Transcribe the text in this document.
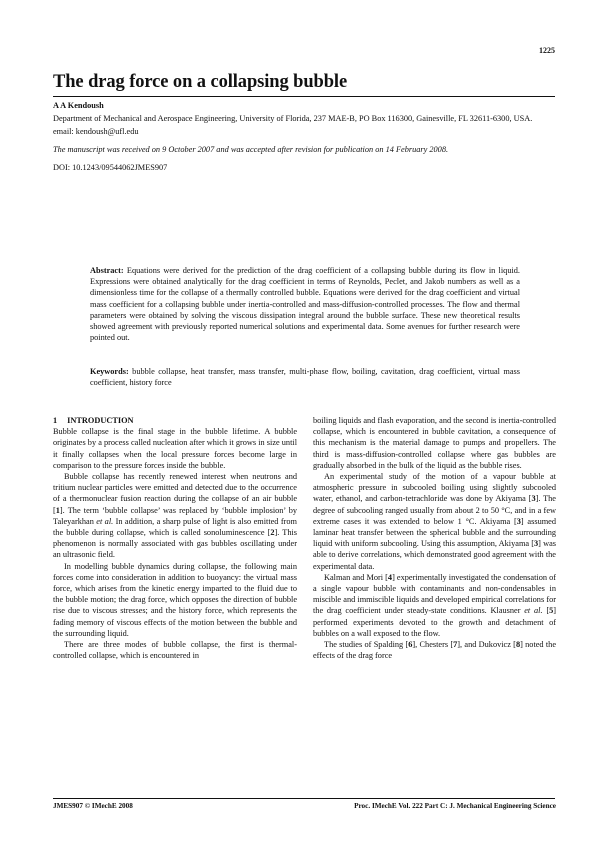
1225
The drag force on a collapsing bubble
A A Kendoush
Department of Mechanical and Aerospace Engineering, University of Florida, 237 MAE-B, PO Box 116300, Gainesville, FL 32611-6300, USA. email: kendoush@ufl.edu
The manuscript was received on 9 October 2007 and was accepted after revision for publication on 14 February 2008.
DOI: 10.1243/09544062JMES907
Abstract: Equations were derived for the prediction of the drag coefficient of a collapsing bubble during its flow in liquid. Expressions were obtained analytically for the drag coefficient in terms of Reynolds, Peclet, and Jakob numbers as well as a dimensionless time for the collapse of a thermally controlled bubble. Equations were derived for the drag coefficient and virtual mass coefficient for a collapsing bubble under inertia-controlled and mass-diffusion-controlled processes. The flow and thermal parameters were obtained by solving the viscous dissipation integral around the bubble surface. These new theoretical results showed agreement with previously reported numerical solutions and experimental data. Some avenues for further research were pointed out.
Keywords: bubble collapse, heat transfer, mass transfer, multi-phase flow, boiling, cavitation, drag coefficient, virtual mass coefficient, history force

1 INTRODUCTION

Bubble collapse is the final stage in the bubble lifetime. A bubble originates by a process called nucleation after which it grows in size until it finally collapses when the local pressure forces become large in comparison to the pressure forces inside the bubble.

Bubble collapse has recently renewed interest when neutrons and tritium nuclear particles were emitted and detected due to the occurrence of a thermonuclear fusion reaction during the collapse of an air bubble [1]. The term ‘bubble collapse’ was replaced by ‘bubble implosion’ by Taleyarkhan et al. In addition, a sharp pulse of light is also emitted from the bubble during collapse, which is called sonoluminescence [2]. This phenomenon is normally associated with gas bubbles oscillating under an ultrasonic field.

In modelling bubble dynamics during collapse, the following main forces come into consideration in addition to buoyancy: the virtual mass force, which arises from the kinetic energy imparted to the fluid due to the bubble motion; the drag force, which opposes the direction of bubble rise due to viscous stresses; and the history force, which represents the fading memory of viscous effects of the motion between the bubble and the surrounding liquid.

There are three modes of bubble collapse, the first is thermal-controlled collapse, which is encountered in

boiling liquids and flash evaporation, and the second is inertia-controlled collapse, which is encountered in bubble cavitation, a consequence of this mechanism is the material damage to pumps and propellers. The third is mass-diffusion-controlled collapse where gas bubbles are gradually absorbed in the bulk of the liquid as the bubble rises.

An experimental study of the motion of a vapour bubble at atmospheric pressure in subcooled boiling using slightly subcooled water, ethanol, and carbon-tetrachloride was done by Akiyama [3]. The degree of subcooling ranged usually from about 2 to 50 °C, and in a few extreme cases it was extended to below 1 °C. Akiyama [3] assumed laminar heat transfer between the spherical bubble and the surrounding liquid with uniform subcooling. Using this assumption, Akiyama [3] was able to derive correlations, which demonstrated good agreement with the experimental data.

Kalman and Mori [4] experimentally investigated the condensation of a single vapour bubble with contaminants and non-condensables in miscible and immiscible liquids and developed empirical correlations for the drag coefficient under steady-state conditions. Klausner et al. [5] performed experiments devoted to the growth and detachment of bubbles on a wall exposed to the flow.

The studies of Spalding [6], Chesters [7], and Dukovicz [8] noted the effects of the drag force

JMES907 © IMechE 2008	Proc. IMechE Vol. 222 Part C: J. Mechanical Engineering Science
